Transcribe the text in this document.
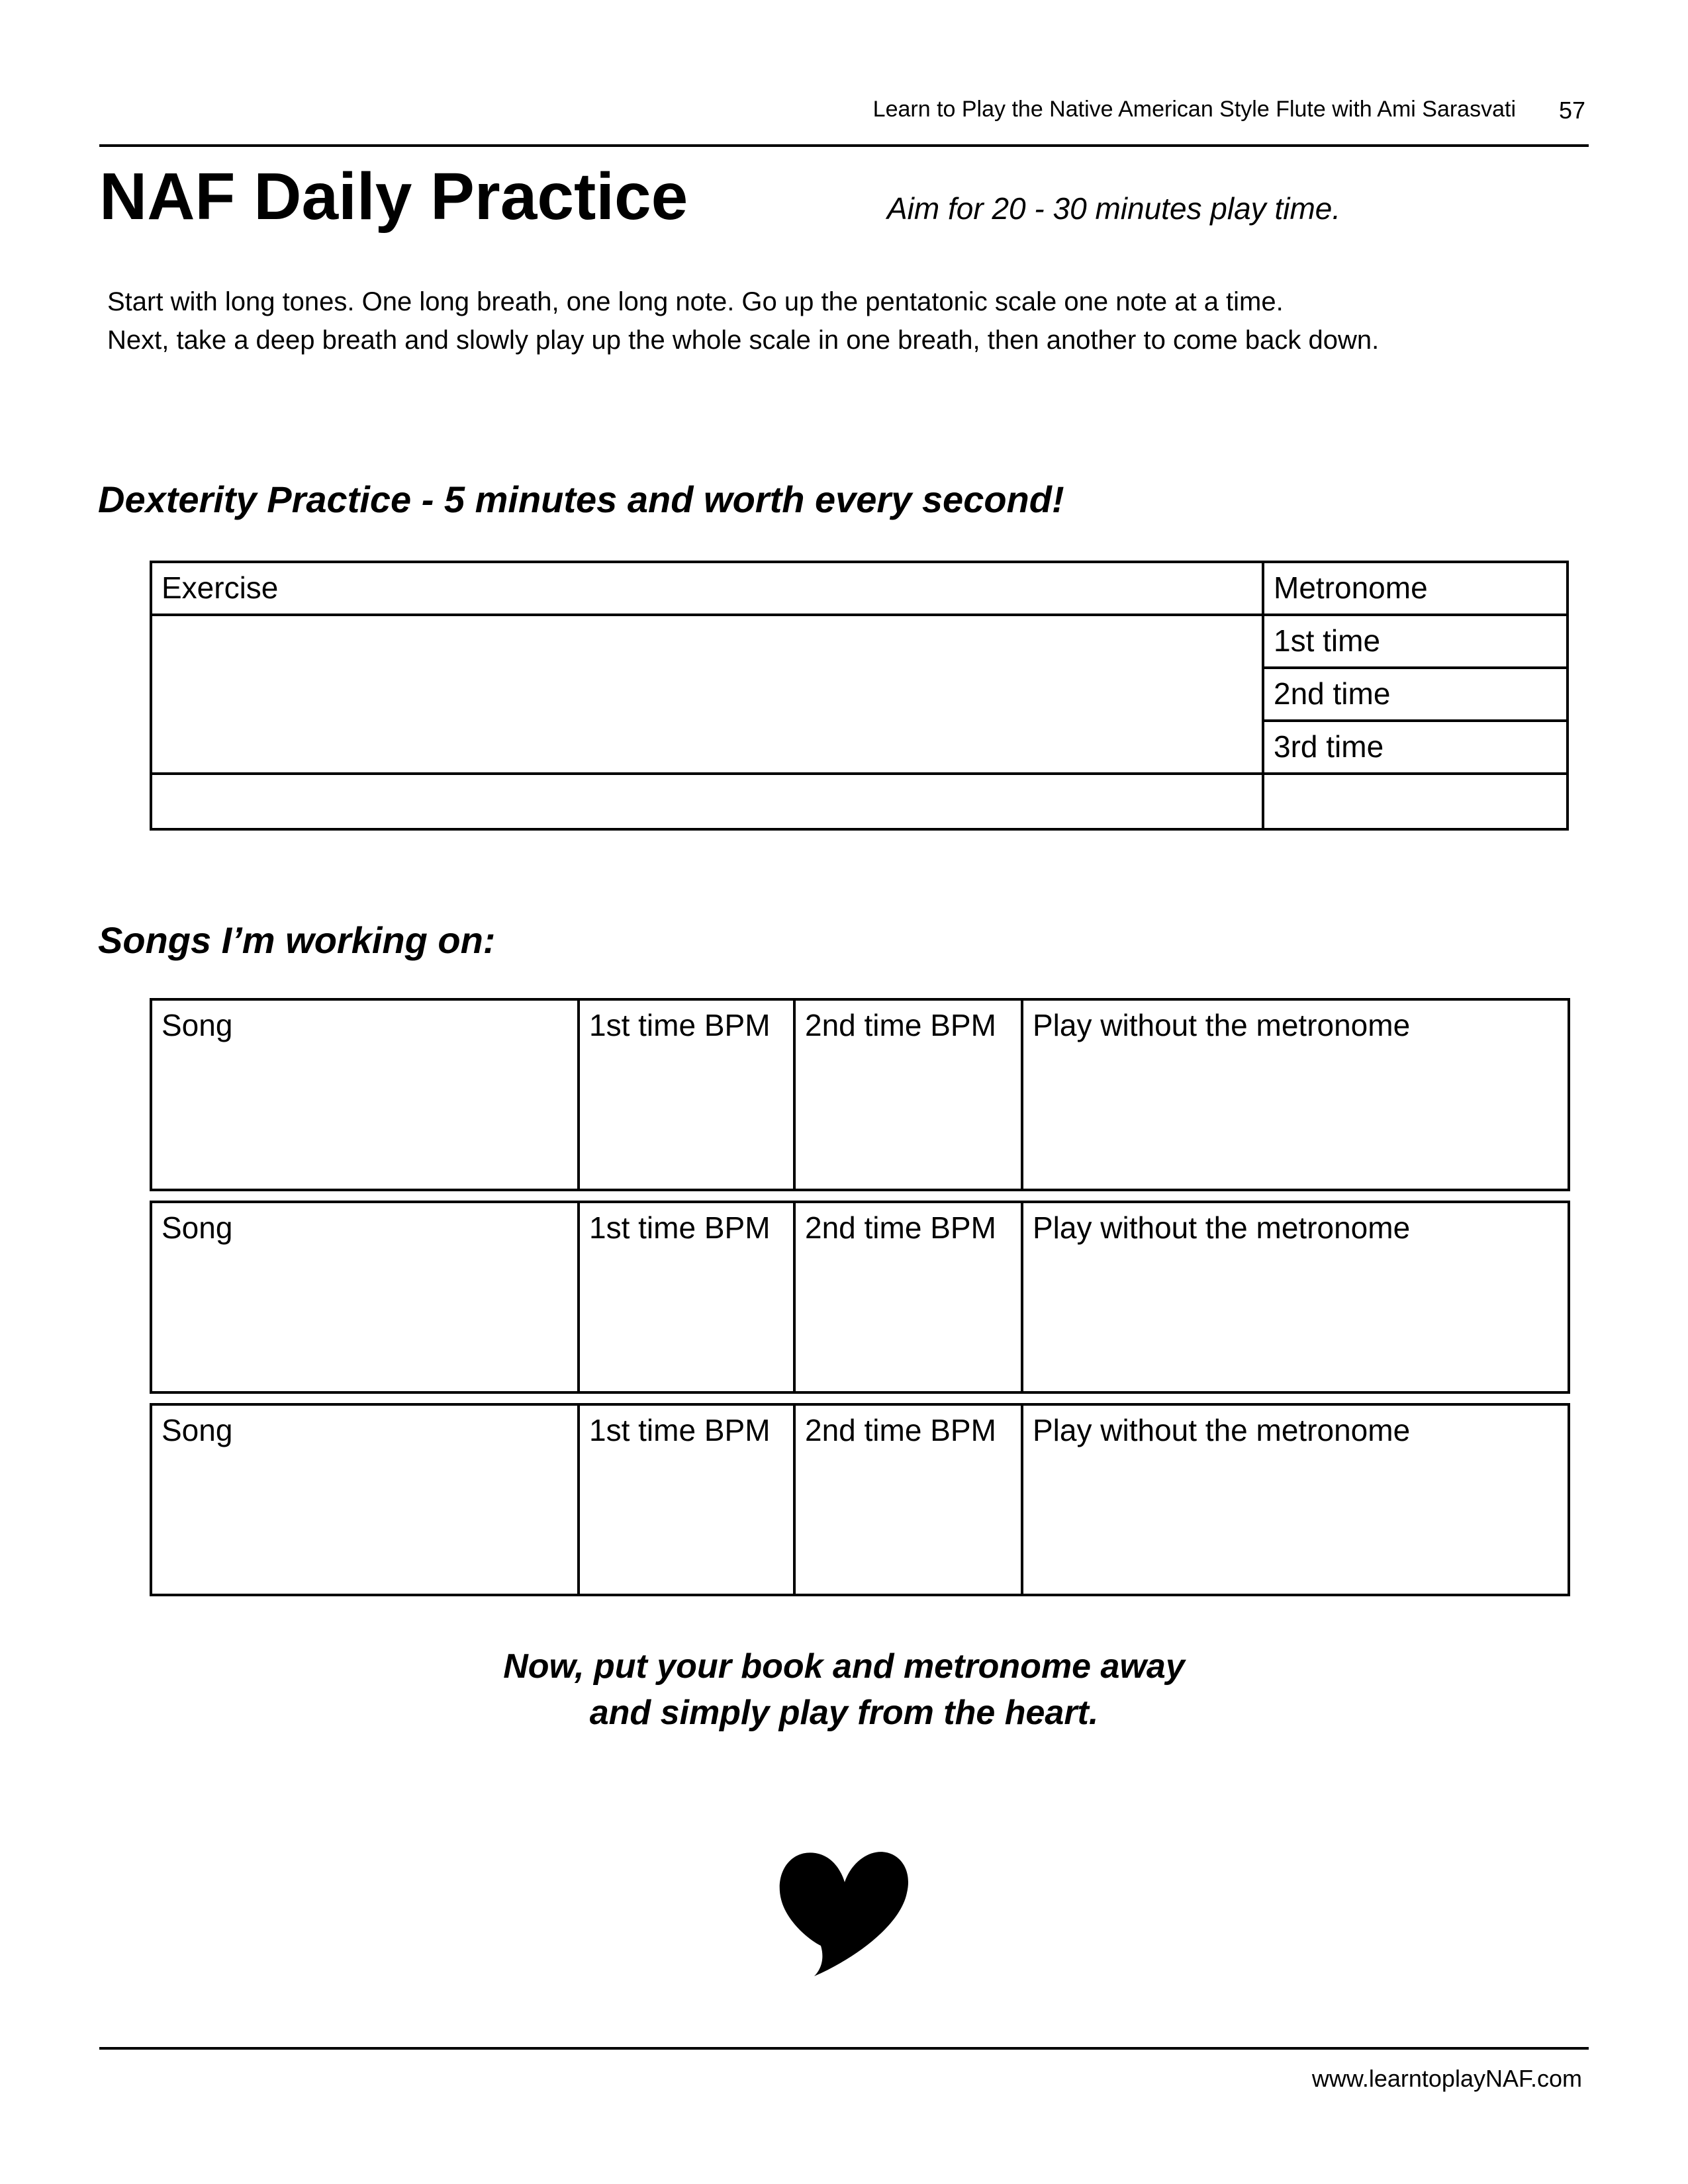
Learn to Play the Native American Style Flute with Ami Sarasvati	57
NAF Daily Practice	Aim for 20 - 30 minutes play time.
Start with long tones. One long breath, one long note. Go up the pentatonic scale one note at a time.
Next, take a deep breath and slowly play up the whole scale in one breath, then another to come back down.
Dexterity Practice - 5 minutes and worth every second!
Exercise	Metronome
	1st time
	2nd time
	3rd time

Songs I’m working on:
Song	1st time BPM	2nd time BPM	Play without the metronome
Song	1st time BPM	2nd time BPM	Play without the metronome
Song	1st time BPM	2nd time BPM	Play without the metronome
Now, put your book and metronome away
and simply play from the heart.
www.learntoplayNAF.com
